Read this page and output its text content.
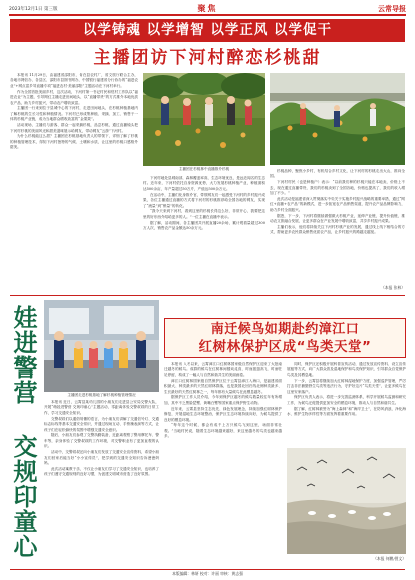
2023年12月1日 第三版	聚焦	云常导报
以学铸魂 以学增智 以学正风 以学促干
主播团访下河村醉恋杉桃甜

本报讯 11月29日，由福建省邵阳市，肯在县农村厂，省文旅厅联合主办，各地市网信办、各县区、邵阳市县图书网办，中国银行福建省分行协办的“福进农业”+网点富乡导直播专项“福进农村·美丽邵阳”主题活动在下河村举行。

作为全国首批美丽乡村，这次活动，下河村第一书记村民和驻村工作队以“福进农业”为主题，引导网红主播走进田间地头，以“直播带货”的方式推介本地优质农产品，助力乡村振兴，带动农户增收致富。

主播团一行来到位于县城中心的下河村，走进田间地头，在杉桃种植基地内了解杉桃的生长习性和种植情况。下河村已形成集种植、采摘、加工、销售于一体的杉桃产业链，成为当地群众增收致富的“金果果”。

活动现场，主播们与游客、群众一起采摘杉桃，品尝杉桃，通过直播镜头把下河村杉桃的美丽风光和甜美滋味展示给网友，带动网友“云游”下河村。

为什么杉桃能这么甜？主播团在杉桃基地负责人的带领下，详细了解了杉桃的种植管理技术，得知下河村独特的气候、土壤和水质，让这里的杉桃口感格外甜美。

主播团在杉桃林中直播推介杉桃

下河村地处县城南部，森林覆盖率高，生态环境优良，是远近闻名的生态村。近年来，下河村依托自身资源优势，大力发展杉桃种植产业，种植面积达500余亩，年产量超过50万斤，产值达500余万元。

在活动中，主播们化身推介官，带领网友们一起感受下河村的乡村振兴成果，各位主播通过直播的方式将下河村的杉桃推荐给全国各地的网友，实现了“流量”到“销量”的转化。

“我今天来到下河村，看到这里的杉桃长得这么好，非常开心，我要把这里的好东西介绍给更多的人。”一位主播在直播中表示。

据了解，活动期间，各主播团共开展直播20余场，累计观看量超过300万人次，销售农产品金额达50余万元。

杉桃品种，聚焦小乡村，有机结合乡村文化，让下河村的杉桃走出大山，推向全国。

下河村村民（也是种植户）表示：“以前我们种的杉桃只能在本地卖，价格上不去，现在通过直播带货，我们的杉桃卖到了全国各地，价格也提高了，我们的收入增加了不少。”

此次活动是福建省深入贯彻落实中央关于实施乡村振兴战略的重要举措，通过“网红+直播+农产品”的新模式，进一步拓宽农产品销售渠道，提升农产品品牌影响力，助力乡村全面振兴。

据悉，下一步，下河村将继续做强做大杉桃产业，延伸产业链，提升价值链，推动农文旅融合发展，让更多群众在产业发展中增收致富，共享乡村振兴成果。

主播们表示，他们将持续关注下河村杉桃产业的发展，通过线上线下相结合的方式，帮助更多农民群众销售优质农产品，让乡村振兴的路越走越宽。

（本报 张林）
娃进警营 交规印童心
主播团走进杉桃基地了解杉桃种植管理情况

本报讯 近日，云霄县某幼儿园的小朋友们走进县公安局交警大队，开展“萌娃进警营 交规印童心”主题活动，零距离体验交警叔叔的日常工作，学习交通安全知识。

交警叔叔们以通俗易懂的语言，为小朋友们讲解了交通信号灯、交通标志标线等基本交通安全常识，并通过现场互动、手势操表演等方式，让孩子们在轻松愉快的氛围中增强交通安全意识。

随后，小朋友们参观了交警执勤装备，近距离观察了警用摩托车、警车等，亲身体验了交警叔叔的工作环境，对交警职业有了更加直观的认识。

活动中，交警叔叔还向小朋友们发放了交通安全宣传资料，希望小朋友们回家后能当好“小小宣传员”，把学到的交通安全知识告诉爸爸妈妈。

此次活动寓教于乐，不仅让小朋友们学习了交通安全知识，也培养了孩子们遵守交通规则的良好习惯，为创建文明城市营造了良好氛围。

南迁候鸟如期赴约漳江口
红树林保护区成“鸟类天堂”

本报讯 入冬以来，云霄漳江口红树林国家级自然保护区迎来了大批南迁越冬的候鸟。成群的候鸟在红树林间嬉戏觅食，时而振翅高飞，时而驻足停留，构成了一幅人与自然和谐共生的美丽画卷。

漳江口红树林国家级自然保护区位于云霄县漳江入海口，是福建省面积最大、种类最多的天然红树林群落，也是我国北回归线北侧种类最多、生长最好的天然红树林之一，每年都有大量候鸟在此栖息越冬。

据保护区工作人员介绍，今年到保护区越冬的候鸟数量较往年有所增加，其中不乏黑脸琵鹭、黄嘴白鹭等国家重点保护野生动物。

近年来，云霄县坚持生态优先、绿色发展理念，持续加强红树林保护修复，开展湿地生态环境整治，保护区生态环境持续向好，为候鸟提供了良好的栖息环境。

“每年这个时候，都会有成千上万只候鸟飞到这里，场面非常壮观。”当地村民说，随着生态环境越来越好，来这里越冬的鸟类也越来越多。

同时，保护区还积极开展科普宣传活动，通过发放宣传资料、设立宣传展板等方式，向广大群众普及湿地保护和鸟类保护知识，引导群众自觉保护鸟类及其栖息地。

下一步，云霄县将继续加大红树林湿地保护力度，加强巡护管理，严厉打击非法捕猎野生鸟类等违法行为，守护好这片“鸟类天堂”，让更多候鸟在这里安家落户。

保护区负责人表示，将进一步完善监测体系，科学开展候鸟监测和研究工作，为候鸟迁徙提供更加安全的栖息环境，推动人与自然和谐共生。

据了解，红树林被誉为“海上森林”和“海岸卫士”，在防风消浪、净化海水、维护生物多样性等方面发挥着重要作用。

（本报 何鹏/图文）
本版编辑：林妍 校对：许丽 审核：黄志强
